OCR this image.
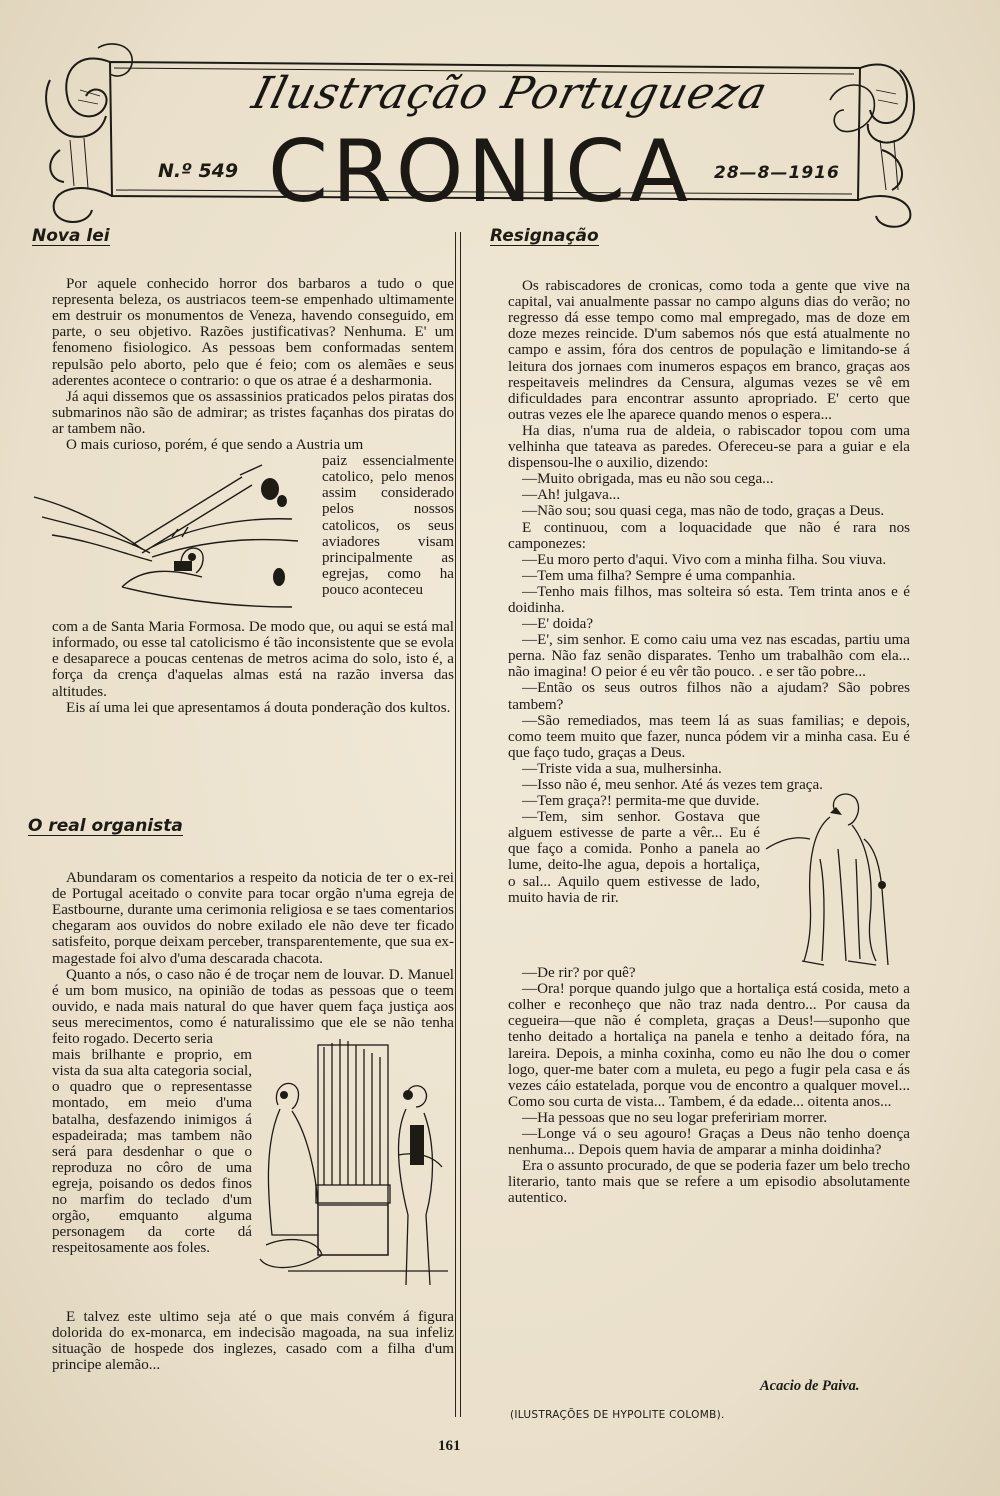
Ilustração Portugueza
CRONICA
N.º 549	28—8—1916
Nova lei

Por aquele conhecido horror dos barbaros a tudo o que representa beleza, os austriacos teem-se empenhado ultimamente em destruir os monumentos de Veneza, havendo conseguido, em parte, o seu objetivo. Razões justificativas? Nenhuma. E' um fenomeno fisiologico. As pessoas bem conformadas sentem repulsão pelo aborto, pelo que é feio; com os alemães e seus aderentes acontece o contrario: o que os atrae é a desharmonia.

Já aqui dissemos que os assassinios praticados pelos piratas dos submarinos não são de admirar; as tristes façanhas dos piratas do ar tambem não.

O mais curioso, porém, é que sendo a Austria um

paiz essencialmente catolico, pelo menos assim considerado pelos nossos catolicos, os seus aviadores visam principalmente as egrejas, como ha pouco aconteceu

com a de Santa Maria Formosa. De modo que, ou aqui se está mal informado, ou esse tal catolicismo é tão inconsistente que se evola e desaparece a poucas centenas de metros acima do solo, isto é, a força da crença d'aquelas almas está na razão inversa das altitudes.

Eis aí uma lei que apresentamos á douta ponderação dos kultos.

O real organista

Abundaram os comentarios a respeito da noticia de ter o ex-rei de Portugal aceitado o convite para tocar orgão n'uma egreja de Eastbourne, durante uma cerimonia religiosa e se taes comentarios chegaram aos ouvidos do nobre exilado ele não deve ter ficado satisfeito, porque deixam perceber, transparentemente, que sua ex-magestade foi alvo d'uma descarada chacota.

Quanto a nós, o caso não é de troçar nem de louvar. D. Manuel é um bom musico, na opinião de todas as pessoas que o teem ouvido, e nada mais natural do que haver quem faça justiça aos seus merecimentos, como é naturalissimo que ele se não tenha feito rogado. Decerto seria

mais brilhante e proprio, em vista da sua alta categoria social, o quadro que o representasse montado, em meio d'uma batalha, desfazendo inimigos á espadeirada; mas tambem não será para desdenhar o que o reproduza no côro de uma egreja, poisando os dedos finos no marfim do teclado d'um orgão, emquanto alguma personagem da corte dá respeitosamente aos foles.

E talvez este ultimo seja até o que mais convém á figura dolorida do ex-monarca, em indecisão magoada, na sua infeliz situação de hospede dos inglezes, casado com a filha d'um principe alemão...

Resignação

Os rabiscadores de cronicas, como toda a gente que vive na capital, vai anualmente passar no campo alguns dias do verão; no regresso dá esse tempo como mal empregado, mas de doze em doze mezes reincide. D'um sabemos nós que está atualmente no campo e assim, fóra dos centros de população e limitando-se á leitura dos jornaes com inumeros espaços em branco, graças aos respeitaveis melindres da Censura, algumas vezes se vê em dificuldades para encontrar assunto apropriado. E' certo que outras vezes ele lhe aparece quando menos o espera...

Ha dias, n'uma rua de aldeia, o rabiscador topou com uma velhinha que tateava as paredes. Ofereceu-se para a guiar e ela dispensou-lhe o auxilio, dizendo:

—Muito obrigada, mas eu não sou cega...

—Ah! julgava...

—Não sou; sou quasi cega, mas não de todo, graças a Deus.

E continuou, com a loquacidade que não é rara nos camponezes:

—Eu moro perto d'aqui. Vivo com a minha filha. Sou viuva.

—Tem uma filha? Sempre é uma companhia.

—Tenho mais filhos, mas solteira só esta. Tem trinta anos e é doidinha.

—E' doida?

—E', sim senhor. E como caiu uma vez nas escadas, partiu uma perna. Não faz senão disparates. Tenho um trabalhão com ela... não imagina! O peior é eu vêr tão pouco. . e ser tão pobre...

—Então os seus outros filhos não a ajudam? São pobres tambem?

—São remediados, mas teem lá as suas familias; e depois, como teem muito que fazer, nunca pódem vir a minha casa. Eu é que faço tudo, graças a Deus.

—Triste vida a sua, mulhersinha.

—Isso não é, meu senhor. Até ás vezes tem graça.

—Tem graça?! permita-me que duvide.

—Tem, sim senhor. Gostava que alguem estivesse de parte a vêr... Eu é que faço a comida. Ponho a panela ao lume, deito-lhe agua, depois a hortaliça, o sal... Aquilo quem estivesse de lado, muito havia de rir.

—De rir? por quê?

—Ora! porque quando julgo que a hortaliça está cosida, meto a colher e reconheço que não traz nada dentro... Por causa da cegueira—que não é completa, graças a Deus!—suponho que tenho deitado a hortaliça na panela e tenho a deitado fóra, na lareira. Depois, a minha coxinha, como eu não lhe dou o comer logo, quer-me bater com a muleta, eu pego a fugir pela casa e ás vezes cáio estatelada, porque vou de encontro a qualquer movel... Como sou curta de vista... Tambem, é da edade... oitenta anos...

—Ha pessoas que no seu logar prefeririam morrer.

—Longe vá o seu agouro! Graças a Deus não tenho doença nenhuma... Depois quem havia de amparar a minha doidinha?

Era o assunto procurado, de que se poderia fazer um belo trecho literario, tanto mais que se refere a um episodio absolutamente autentico.

Acacio de Paiva.
(ILUSTRAÇÕES DE HYPOLITE COLOMB).
161
